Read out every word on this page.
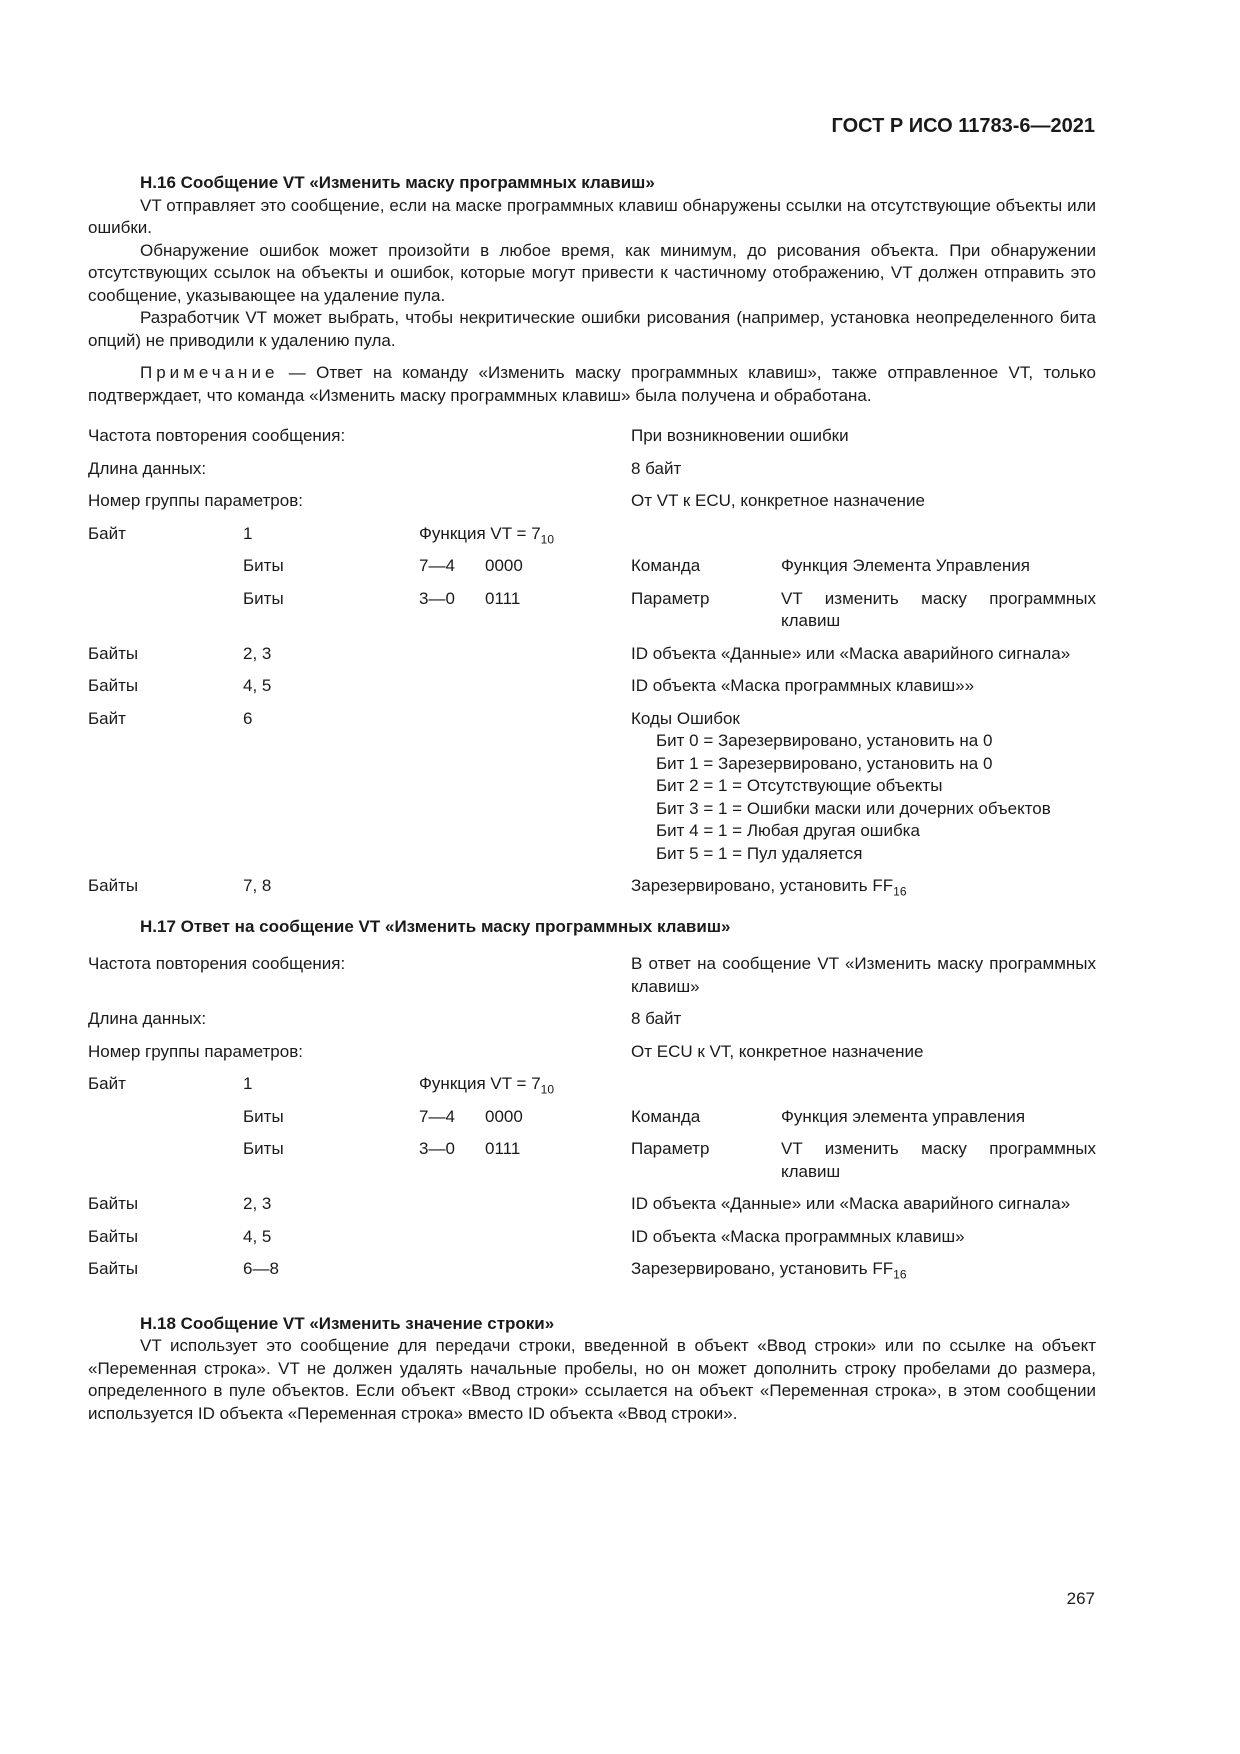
ГОСТ Р ИСО 11783-6—2021
H.16 Сообщение VT «Изменить маску программных клавиш»

VT отправляет это сообщение, если на маске программных клавиш обнаружены ссылки на отсутствующие объекты или ошибки.

Обнаружение ошибок может произойти в любое время, как минимум, до рисования объекта. При обнаружении отсутствующих ссылок на объекты и ошибок, которые могут привести к частичному отображению, VT должен отправить это сообщение, указывающее на удаление пула.

Разработчик VT может выбрать, чтобы некритические ошибки рисования (например, установка неопределенного бита опций) не приводили к удалению пула.

Примечание — Ответ на команду «Изменить маску программных клавиш», также отправленное VT, только подтверждает, что команда «Изменить маску программных клавиш» была получена и обработана.

Частота повторения сообщения:	При возникновении ошибки
Длина данных:	8 байт
Номер группы параметров:	От VT к ECU, конкретное назначение
Байт	1	Функция VT = $7_{10}$
Биты	7—4	0000	Команда	Функция Элемента Управления
Биты	3—0	0111	Параметр	VT изменить маску программных клавиш
Байты	2, 3	ID объекта «Данные» или «Маска аварийного сигнала»
Байты	4, 5	ID объекта «Маска программных клавиш»»
Байт	6	Коды Ошибок
Бит 0 = Зарезервировано, установить на 0
Бит 1 = Зарезервировано, установить на 0
Бит 2 = 1 = Отсутствующие объекты
Бит 3 = 1 = Ошибки маски или дочерних объектов
Бит 4 = 1 = Любая другая ошибка
Бит 5 = 1 = Пул удаляется
Байты	7, 8	Зарезервировано, установить $FF_{16}$
H.17 Ответ на сообщение VT «Изменить маску программных клавиш»
Частота повторения сообщения:	В ответ на сообщение VT «Изменить маску программных клавиш»
Длина данных:	8 байт
Номер группы параметров:	От ECU к VT, конкретное назначение
Байт	1	Функция VT = $7_{10}$
Биты	7—4	0000	Команда	Функция элемента управления
Биты	3—0	0111	Параметр	VT изменить маску программных клавиш
Байты	2, 3	ID объекта «Данные» или «Маска аварийного сигнала»
Байты	4, 5	ID объекта «Маска программных клавиш»
Байты	6—8	Зарезервировано, установить $FF_{16}$
H.18 Сообщение VT «Изменить значение строки»

VT использует это сообщение для передачи строки, введенной в объект «Ввод строки» или по ссылке на объект «Переменная строка». VT не должен удалять начальные пробелы, но он может дополнить строку пробелами до размера, определенного в пуле объектов. Если объект «Ввод строки» ссылается на объект «Переменная строка», в этом сообщении используется ID объекта «Переменная строка» вместо ID объекта «Ввод строки».

267
